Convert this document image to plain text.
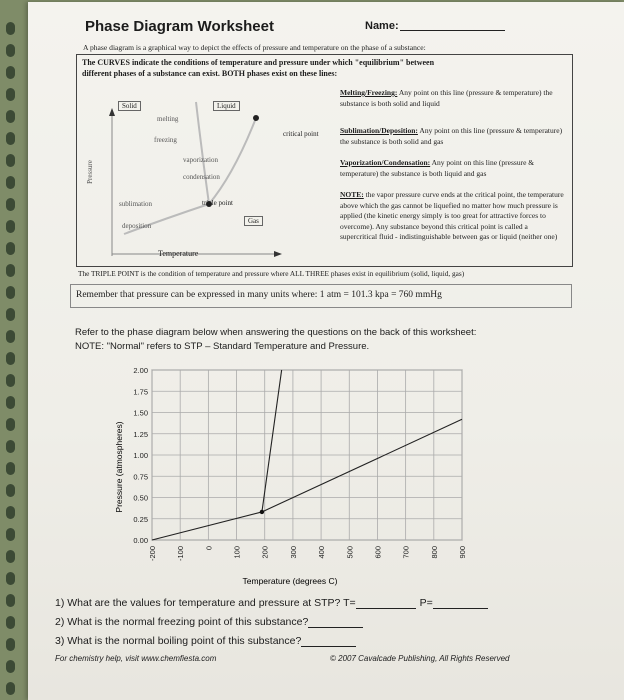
Phase Diagram Worksheet	Name:
A phase diagram is a graphical way to depict the effects of pressure and temperature on the phase of a substance:
The CURVES indicate the conditions of temperature and pressure under which "equilibrium" between
different phases of a substance can exist. BOTH phases exist on these lines:
Solid	Liquid
Gas
melting
freezing
vaporization
condensation
sublimation
deposition
triple point
critical point
Pressure
Temperature
Melting/Freezing: Any point on this line (pressure & temperature) the substance is both solid and liquid
Sublimation/Deposition: Any point on this line (pressure & temperature) the substance is both solid and gas
Vaporization/Condensation: Any point on this line (pressure & temperature) the substance is both liquid and gas
NOTE: the vapor pressure curve ends at the critical point, the temperature above which the gas cannot be liquefied no matter how much pressure is applied (the kinetic energy simply is too great for attractive forces to overcome). Any substance beyond this critical point is called a supercritical fluid - indistinguishable between gas or liquid (neither one)
The TRIPLE POINT is the condition of temperature and pressure where ALL THREE phases exist in equilibrium (solid, liquid, gas)
Remember that pressure can be expressed in many units where: 1 atm = 101.3 kpa = 760 mmHg
Refer to the phase diagram below when answering the questions on the back of this worksheet:
NOTE: "Normal" refers to STP – Standard Temperature and Pressure.
0.00
0.25
0.50
0.75
1.00
1.25
1.50
1.75
2.00
-200	-100	0	100	200	300	400	500	600	700	800	900
Pressure (atmospheres)
Temperature (degrees C)
1) What are the values for temperature and pressure at STP? T=	P=
2) What is the normal freezing point of this substance?
3) What is the normal boiling point of this substance?
For chemistry help, visit www.chemfiesta.com	© 2007 Cavalcade Publishing, All Rights Reserved
